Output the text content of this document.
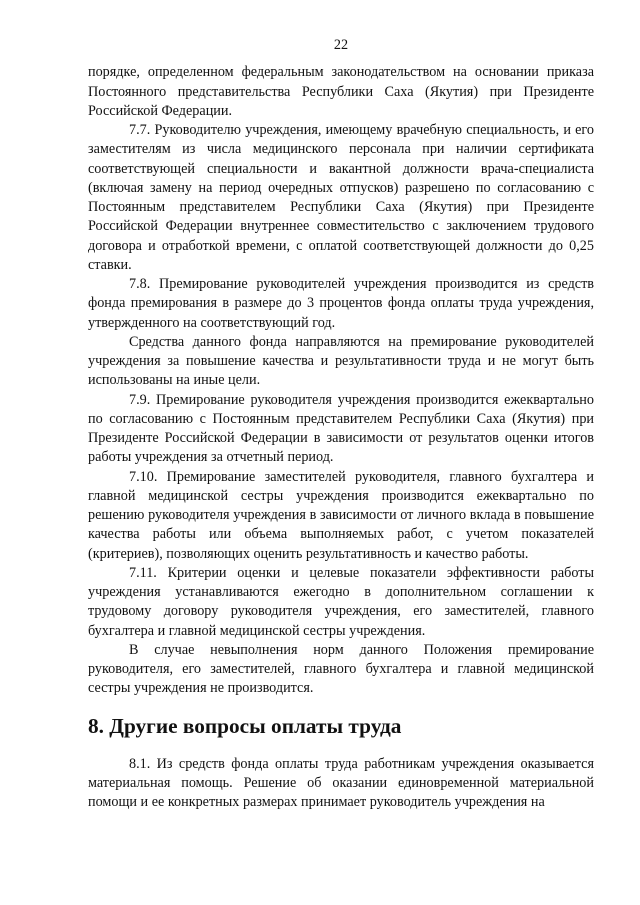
22

порядке, определенном федеральным законодательством на основании приказа Постоянного представительства Республики Саха (Якутия) при Президенте Российской Федерации.

7.7. Руководителю учреждения, имеющему врачебную специальность, и его заместителям из числа медицинского персонала при наличии сертификата соответствующей специальности и вакантной должности врача-специалиста (включая замену на период очередных отпусков) разрешено по согласованию с Постоянным представителем Республики Саха (Якутия) при Президенте Российской Федерации внутреннее совместительство с заключением трудового договора и отработкой времени, с оплатой соответствующей должности до 0,25 ставки.

7.8. Премирование руководителей учреждения производится из средств фонда премирования в размере до 3 процентов фонда оплаты труда учреждения, утвержденного на соответствующий год.

Средства данного фонда направляются на премирование руководителей учреждения за повышение качества и результативности труда и не могут быть использованы на иные цели.

7.9. Премирование руководителя учреждения производится ежеквартально по согласованию с Постоянным представителем Республики Саха (Якутия) при Президенте Российской Федерации в зависимости от результатов оценки итогов работы учреждения за отчетный период.

7.10. Премирование заместителей руководителя, главного бухгалтера и главной медицинской сестры учреждения производится ежеквартально по решению руководителя учреждения в зависимости от личного вклада в повышение качества работы или объема выполняемых работ, с учетом показателей (критериев), позволяющих оценить результативность и качество работы.

7.11. Критерии оценки и целевые показатели эффективности работы учреждения устанавливаются ежегодно в дополнительном соглашении к трудовому договору руководителя учреждения, его заместителей, главного бухгалтера и главной медицинской сестры учреждения.

В случае невыполнения норм данного Положения премирование руководителя, его заместителей, главного бухгалтера и главной медицинской сестры учреждения не производится.

8. Другие вопросы оплаты труда

8.1. Из средств фонда оплаты труда работникам учреждения оказывается материальная помощь. Решение об оказании единовременной материальной помощи и ее конкретных размерах принимает руководитель учреждения на
